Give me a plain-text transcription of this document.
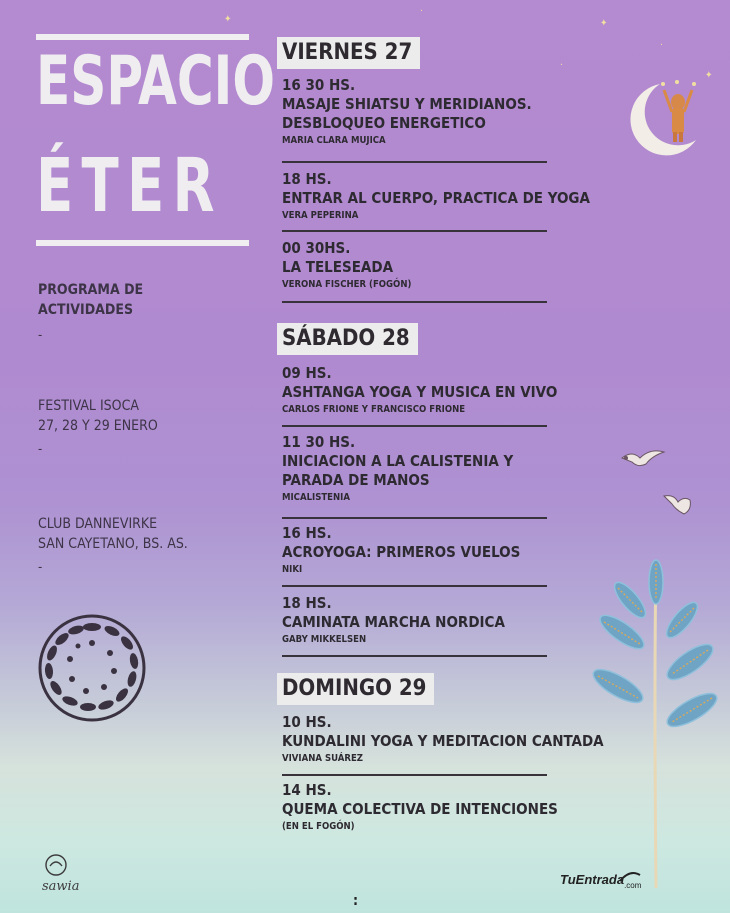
✦
·
✦
·
✦
·
ESPACIO
ÉTER
PROGRAMA DE
ACTIVIDADES
-
FESTIVAL ISOCA
27, 28 Y 29 ENERO
-
CLUB DANNEVIRKE
SAN CAYETANO, BS. AS.
-
VIERNES 27
16 30 HS.
MASAJE SHIATSU Y MERIDIANOS.
DESBLOQUEO ENERGETICO
MARIA CLARA MUJICA
18 HS.
ENTRAR AL CUERPO, PRACTICA DE YOGA
VERA PEPERINA
00 30HS.
LA TELESEADA
VERONA FISCHER (FOGÓN)
SÁBADO 28
09 HS.
ASHTANGA YOGA Y MUSICA EN VIVO
CARLOS FRIONE Y FRANCISCO FRIONE
11 30 HS.
INICIACION A LA CALISTENIA Y
PARADA DE MANOS
MICALISTENIA
16 HS.
ACROYOGA: PRIMEROS VUELOS
NIKI
18 HS.
CAMINATA MARCHA NORDICA
GABY MIKKELSEN
DOMINGO 29
10 HS.
KUNDALINI YOGA Y MEDITACION CANTADA
VIVIANA SUÁREZ
14 HS.
QUEMA COLECTIVA DE INTENCIONES
(EN EL FOGÓN)
sawia	TuEntrada$_{.com}$
:
